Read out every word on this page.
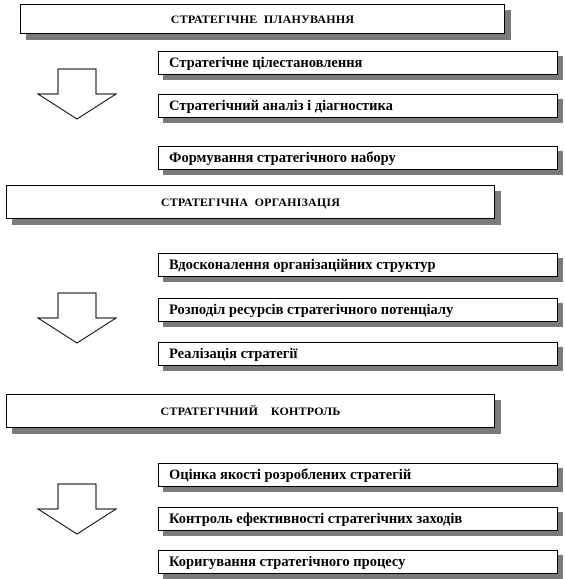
СТРАТЕГІЧНЕ  ПЛАНУВАННЯ
Стратегічне цілестановлення
Стратегічний аналіз і діагностика
Формування стратегічного набору
СТРАТЕГІЧНА  ОРГАНІЗАЦІЯ
Вдосконалення організаційних структур
Розподіл ресурсів стратегічного потенціалу
Реалізація стратегії
СТРАТЕГІЧНИЙ    КОНТРОЛЬ
Оцінка якості розроблених стратегій
Контроль ефективності стратегічних заходів
Коригування стратегічного процесу
